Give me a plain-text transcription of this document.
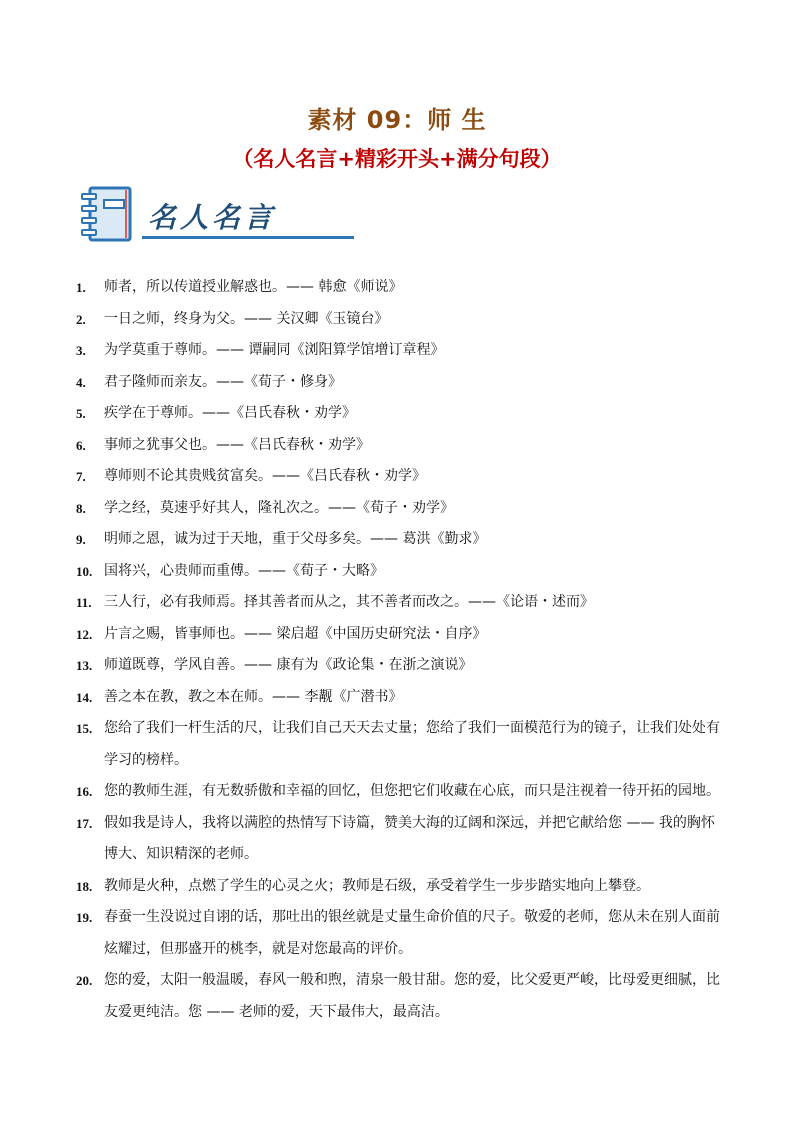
素材 09：师 生
（名人名言+精彩开头+满分句段）
名人名言
1.	师者，所以传道授业解惑也。—— 韩愈《师说》
2.	一日之师，终身为父。—— 关汉卿《玉镜台》
3.	为学莫重于尊师。—— 谭嗣同《浏阳算学馆增订章程》
4.	君子隆师而亲友。——《荀子・修身》
5.	疾学在于尊师。——《吕氏春秋・劝学》
6.	事师之犹事父也。——《吕氏春秋・劝学》
7.	尊师则不论其贵贱贫富矣。——《吕氏春秋・劝学》
8.	学之经，莫速乎好其人，隆礼次之。——《荀子・劝学》
9.	明师之恩，诚为过于天地，重于父母多矣。—— 葛洪《勤求》
10. 国将兴，心贵师而重傅。——《荀子・大略》
11. 三人行，必有我师焉。择其善者而从之，其不善者而改之。——《论语・述而》
12. 片言之赐，皆事师也。—— 梁启超《中国历史研究法・自序》
13. 师道既尊，学风自善。—— 康有为《政论集・在浙之演说》
14. 善之本在教，教之本在师。—— 李觏《广潜书》
15. 您给了我们一杆生活的尺，让我们自己天天去丈量；您给了我们一面模范行为的镜子，让我们处处有学习的榜样。
16. 您的教师生涯，有无数骄傲和幸福的回忆，但您把它们收藏在心底，而只是注视着一待开拓的园地。
17. 假如我是诗人，我将以满腔的热情写下诗篇，赞美大海的辽阔和深远，并把它献给您 —— 我的胸怀博大、知识精深的老师。
18. 教师是火种，点燃了学生的心灵之火；教师是石级，承受着学生一步步踏实地向上攀登。
19. 春蚕一生没说过自诩的话，那吐出的银丝就是丈量生命价值的尺子。敬爱的老师，您从未在别人面前炫耀过，但那盛开的桃李，就是对您最高的评价。
20. 您的爱，太阳一般温暖，春风一般和煦，清泉一般甘甜。您的爱，比父爱更严峻，比母爱更细腻，比友爱更纯洁。您 —— 老师的爱，天下最伟大，最高洁。
